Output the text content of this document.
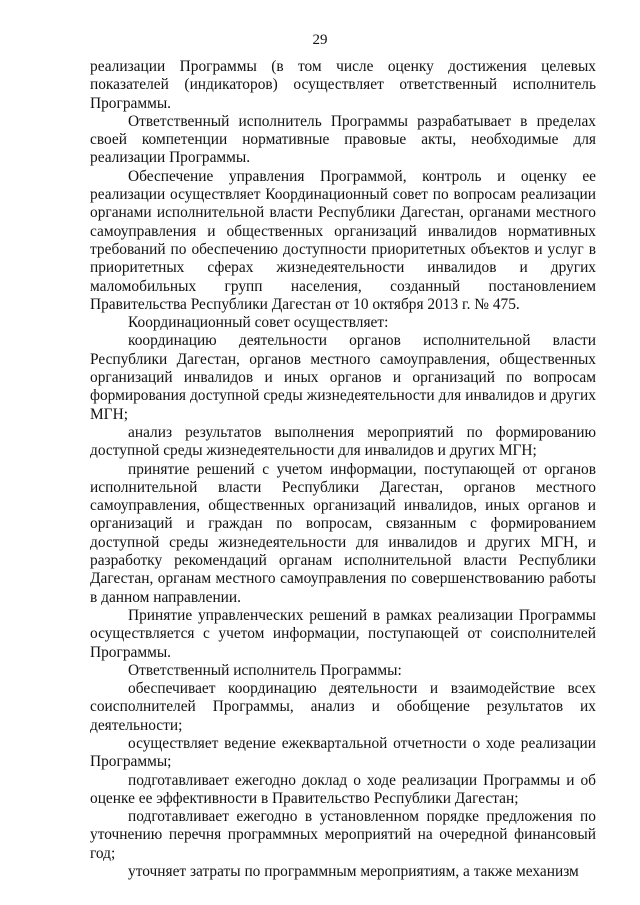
29

реализации Программы (в том числе оценку достижения целевых показателей (индикаторов) осуществляет ответственный исполнитель Программы.

Ответственный исполнитель Программы разрабатывает в пределах своей компетенции нормативные правовые акты, необходимые для реализации Программы.

Обеспечение управления Программой, контроль и оценку ее реализации осуществляет Координационный совет по вопросам реализации органами исполнительной власти Республики Дагестан, органами местного самоуправления и общественных организаций инвалидов нормативных требований по обеспечению доступности приоритетных объектов и услуг в приоритетных сферах жизнедеятельности инвалидов и других маломобильных групп населения, созданный постановлением Правительства Республики Дагестан от 10 октября 2013 г. № 475.

Координационный совет осуществляет:

координацию деятельности органов исполнительной власти Республики Дагестан, органов местного самоуправления, общественных организаций инвалидов и иных органов и организаций по вопросам формирования доступной среды жизнедеятельности для инвалидов и других МГН;

анализ результатов выполнения мероприятий по формированию доступной среды жизнедеятельности для инвалидов и других МГН;

принятие решений с учетом информации, поступающей от органов исполнительной власти Республики Дагестан, органов местного самоуправления, общественных организаций инвалидов, иных органов и организаций и граждан по вопросам, связанным с формированием доступной среды жизнедеятельности для инвалидов и других МГН, и разработку рекомендаций органам исполнительной власти Республики Дагестан, органам местного самоуправления по совершенствованию работы в данном направлении.

Принятие управленческих решений в рамках реализации Программы осуществляется с учетом информации, поступающей от соисполнителей Программы.

Ответственный исполнитель Программы:

обеспечивает координацию деятельности и взаимодействие всех соисполнителей Программы, анализ и обобщение результатов их деятельности;

осуществляет ведение ежеквартальной отчетности о ходе реализации Программы;

подготавливает ежегодно доклад о ходе реализации Программы и об оценке ее эффективности в Правительство Республики Дагестан;

подготавливает ежегодно в установленном порядке предложения по уточнению перечня программных мероприятий на очередной финансовый год;

уточняет затраты по программным мероприятиям, а также механизм
